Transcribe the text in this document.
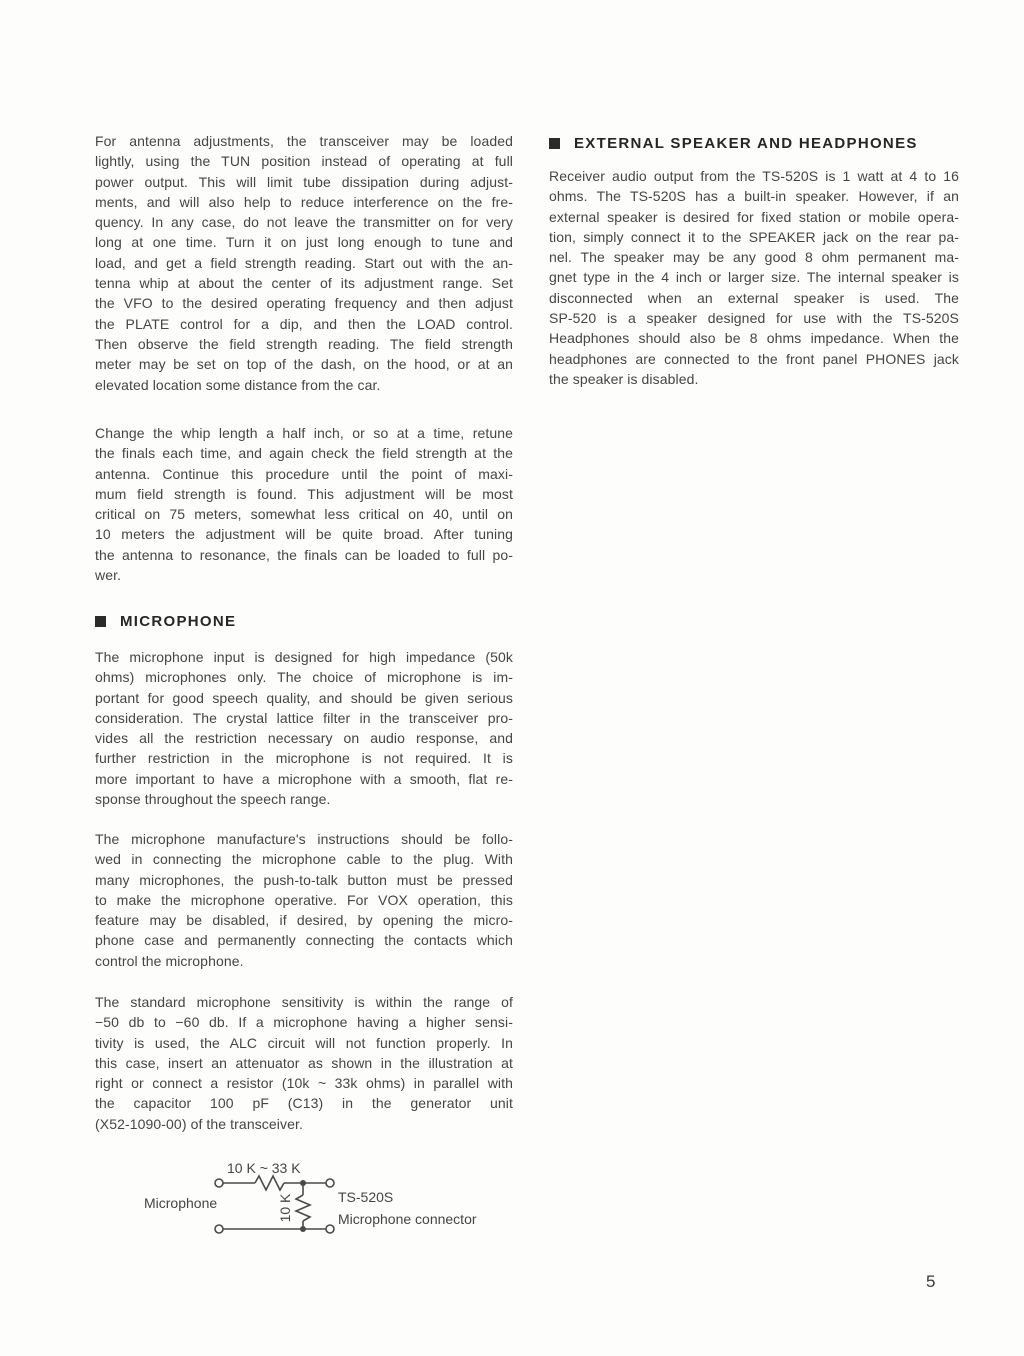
For antenna adjustments, the transceiver may be loaded
lightly, using the TUN position instead of operating at full
power output. This will limit tube dissipation during adjust-
ments, and will also help to reduce interference on the fre-
quency. In any case, do not leave the transmitter on for very
long at one time. Turn it on just long enough to tune and
load, and get a field strength reading. Start out with the an-
tenna whip at about the center of its adjustment range. Set
the VFO to the desired operating frequency and then adjust
the PLATE control for a dip, and then the LOAD control.
Then observe the field strength reading. The field strength
meter may be set on top of the dash, on the hood, or at an
elevated location some distance from the car.
Change the whip length a half inch, or so at a time, retune
the finals each time, and again check the field strength at the
antenna. Continue this procedure until the point of maxi-
mum field strength is found. This adjustment will be most
critical on 75 meters, somewhat less critical on 40, until on
10 meters the adjustment will be quite broad. After tuning
the antenna to resonance, the finals can be loaded to full po-
wer.
MICROPHONE
The microphone input is designed for high impedance (50k
ohms) microphones only. The choice of microphone is im-
portant for good speech quality, and should be given serious
consideration. The crystal lattice filter in the transceiver pro-
vides all the restriction necessary on audio response, and
further restriction in the microphone is not required. It is
more important to have a microphone with a smooth, flat re-
sponse throughout the speech range.
The microphone manufacture's instructions should be follo-
wed in connecting the microphone cable to the plug. With
many microphones, the push-to-talk button must be pressed
to make the microphone operative. For VOX operation, this
feature may be disabled, if desired, by opening the micro-
phone case and permanently connecting the contacts which
control the microphone.
The standard microphone sensitivity is within the range of
−50 db to −60 db. If a microphone having a higher sensi-
tivity is used, the ALC circuit will not function properly. In
this case, insert an attenuator as shown in the illustration at
right or connect a resistor (10k ~ 33k ohms) in parallel with
the capacitor 100 pF (C13) in the generator unit
(X52-1090-00) of the transceiver.
EXTERNAL SPEAKER AND HEADPHONES
Receiver audio output from the TS-520S is 1 watt at 4 to 16
ohms. The TS-520S has a built-in speaker. However, if an
external speaker is desired for fixed station or mobile opera-
tion, simply connect it to the SPEAKER jack on the rear pa-
nel. The speaker may be any good 8 ohm permanent ma-
gnet type in the 4 inch or larger size. The internal speaker is
disconnected when an external speaker is used. The
SP-520 is a speaker designed for use with the TS-520S
Headphones should also be 8 ohms impedance. When the
headphones are connected to the front panel PHONES jack
the speaker is disabled.
10 K ~ 33 K
10 K
Microphone	TS-520S
Microphone connector
5
